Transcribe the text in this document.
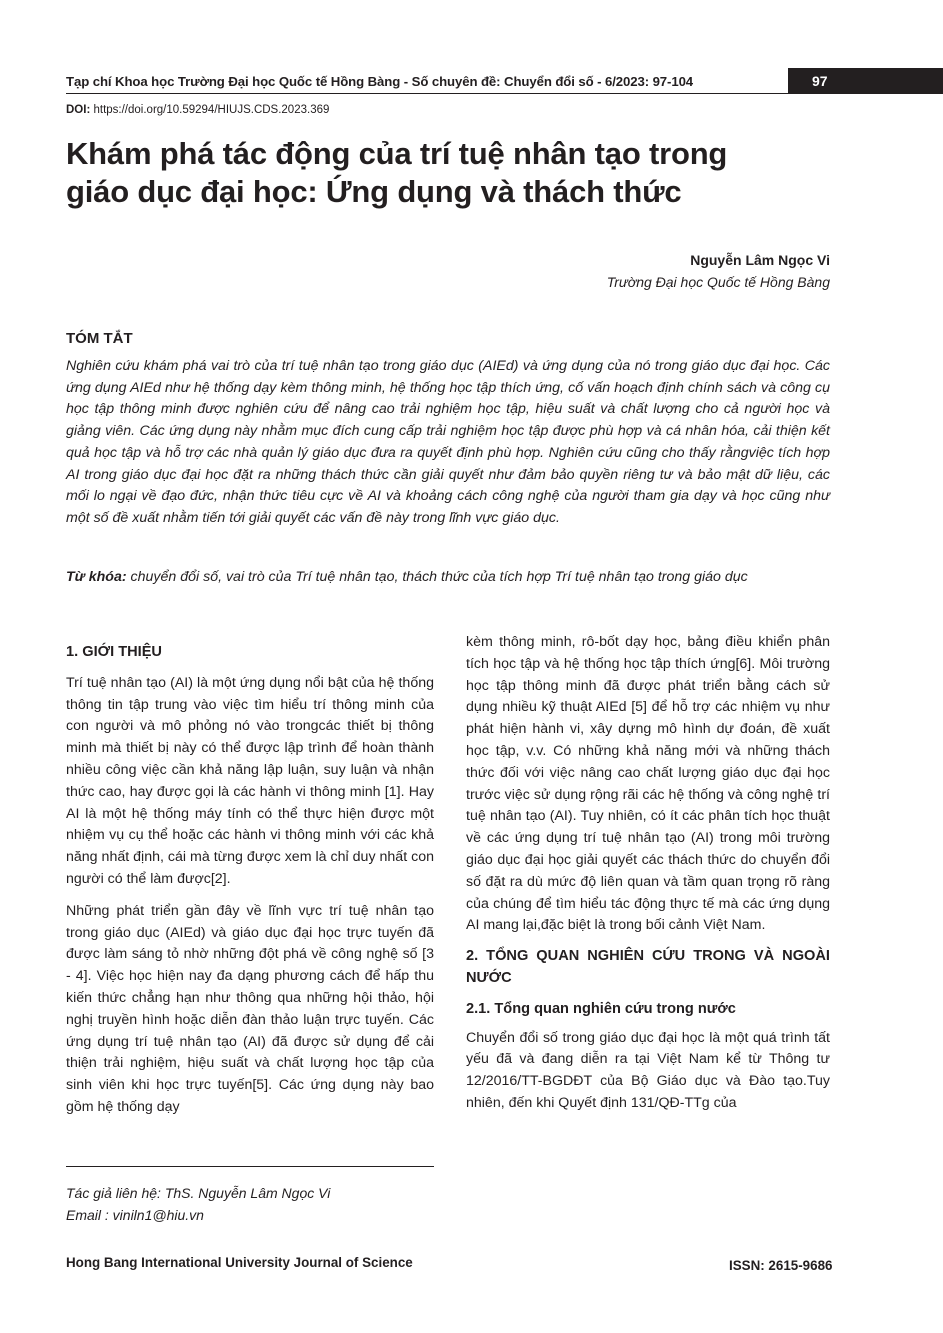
Tạp chí Khoa học Trường Đại học Quốc tế Hồng Bàng - Số chuyên đề: Chuyển đổi số - 6/2023: 97-104	97
DOI: https://doi.org/10.59294/HIUJS.CDS.2023.369
Khám phá tác động của trí tuệ nhân tạo trong
giáo dục đại học: Ứng dụng và thách thức
Nguyễn Lâm Ngọc Vi
Trường Đại học Quốc tế Hồng Bàng
TÓM TẮT
Nghiên cứu khám phá vai trò của trí tuệ nhân tạo trong giáo dục (AIEd) và ứng dụng của nó trong giáo dục đại học. Các ứng dụng AIEd như hệ thống dạy kèm thông minh, hệ thống học tập thích ứng, cố vấn hoạch định chính sách và công cụ học tập thông minh được nghiên cứu để nâng cao trải nghiệm học tập, hiệu suất và chất lượng cho cả người học và giảng viên. Các ứng dụng này nhằm mục đích cung cấp trải nghiệm học tập được phù hợp và cá nhân hóa, cải thiện kết quả học tập và hỗ trợ các nhà quản lý giáo dục đưa ra quyết định phù hợp. Nghiên cứu cũng cho thấy rằngviệc tích hợp AI trong giáo dục đại học đặt ra những thách thức cần giải quyết như đảm bảo quyền riêng tư và bảo mật dữ liệu, các mối lo ngại về đạo đức, nhận thức tiêu cực về AI và khoảng cách công nghệ của người tham gia dạy và học cũng như một số đề xuất nhằm tiến tới giải quyết các vấn đề này trong lĩnh vực giáo dục.
Từ khóa: chuyển đổi số, vai trò của Trí tuệ nhân tạo, thách thức của tích hợp Trí tuệ nhân tạo trong giáo dục

1. GIỚI THIỆU

Trí tuệ nhân tạo (AI) là một ứng dụng nổi bật của hệ thống thông tin tập trung vào việc tìm hiểu trí thông minh của con người và mô phỏng nó vào trongcác thiết bị thông minh mà thiết bị này có thể được lập trình để hoàn thành nhiều công việc cần khả năng lập luận, suy luận và nhận thức cao, hay được gọi là các hành vi thông minh [1]. Hay AI là một hệ thống máy tính có thể thực hiện được một nhiệm vụ cụ thể hoặc các hành vi thông minh với các khả năng nhất định, cái mà từng được xem là chỉ duy nhất con người có thể làm được[2].

Những phát triển gần đây về lĩnh vực trí tuệ nhân tạo trong giáo dục (AIEd) và giáo dục đại học trực tuyến đã được làm sáng tỏ nhờ những đột phá về công nghệ số [3 - 4]. Việc học hiện nay đa dạng phương cách để hấp thu kiến thức chẳng hạn như thông qua những hội thảo, hội nghị truyền hình hoặc diễn đàn thảo luận trực tuyến. Các ứng dụng trí tuệ nhân tạo (AI) đã được sử dụng để cải thiện trải nghiệm, hiệu suất và chất lượng học tập của sinh viên khi học trực tuyến[5]. Các ứng dụng này bao gồm hệ thống dạy

kèm thông minh, rô-bốt dạy học, bảng điều khiển phân tích học tập và hệ thống học tập thích ứng[6]. Môi trường học tập thông minh đã được phát triển bằng cách sử dụng nhiều kỹ thuật AIEd [5] để hỗ trợ các nhiệm vụ như phát hiện hành vi, xây dựng mô hình dự đoán, đề xuất học tập, v.v. Có những khả năng mới và những thách thức đối với việc nâng cao chất lượng giáo dục đại học trước việc sử dụng rộng rãi các hệ thống và công nghệ trí tuệ nhân tạo (AI). Tuy nhiên, có ít các phân tích học thuật về các ứng dụng trí tuệ nhân tạo (AI) trong môi trường giáo dục đại học giải quyết các thách thức do chuyển đổi số đặt ra dù mức độ liên quan và tầm quan trọng rõ ràng của chúng để tìm hiểu tác động thực tế mà các ứng dụng AI mang lại,đặc biệt là trong bối cảnh Việt Nam.

2. TỔNG QUAN NGHIÊN CỨU TRONG VÀ NGOÀI NƯỚC

2.1. Tổng quan nghiên cứu trong nước

Chuyển đổi số trong giáo dục đại học là một quá trình tất yếu đã và đang diễn ra tại Việt Nam kể từ Thông tư 12/2016/TT-BGDĐT của Bộ Giáo dục và Đào tạo.Tuy nhiên, đến khi Quyết định 131/QĐ-TTg của

Tác giả liên hệ: ThS. Nguyễn Lâm Ngọc Vi
Email : viniln1@hiu.vn
Hong Bang International University Journal of Science	ISSN: 2615-9686
